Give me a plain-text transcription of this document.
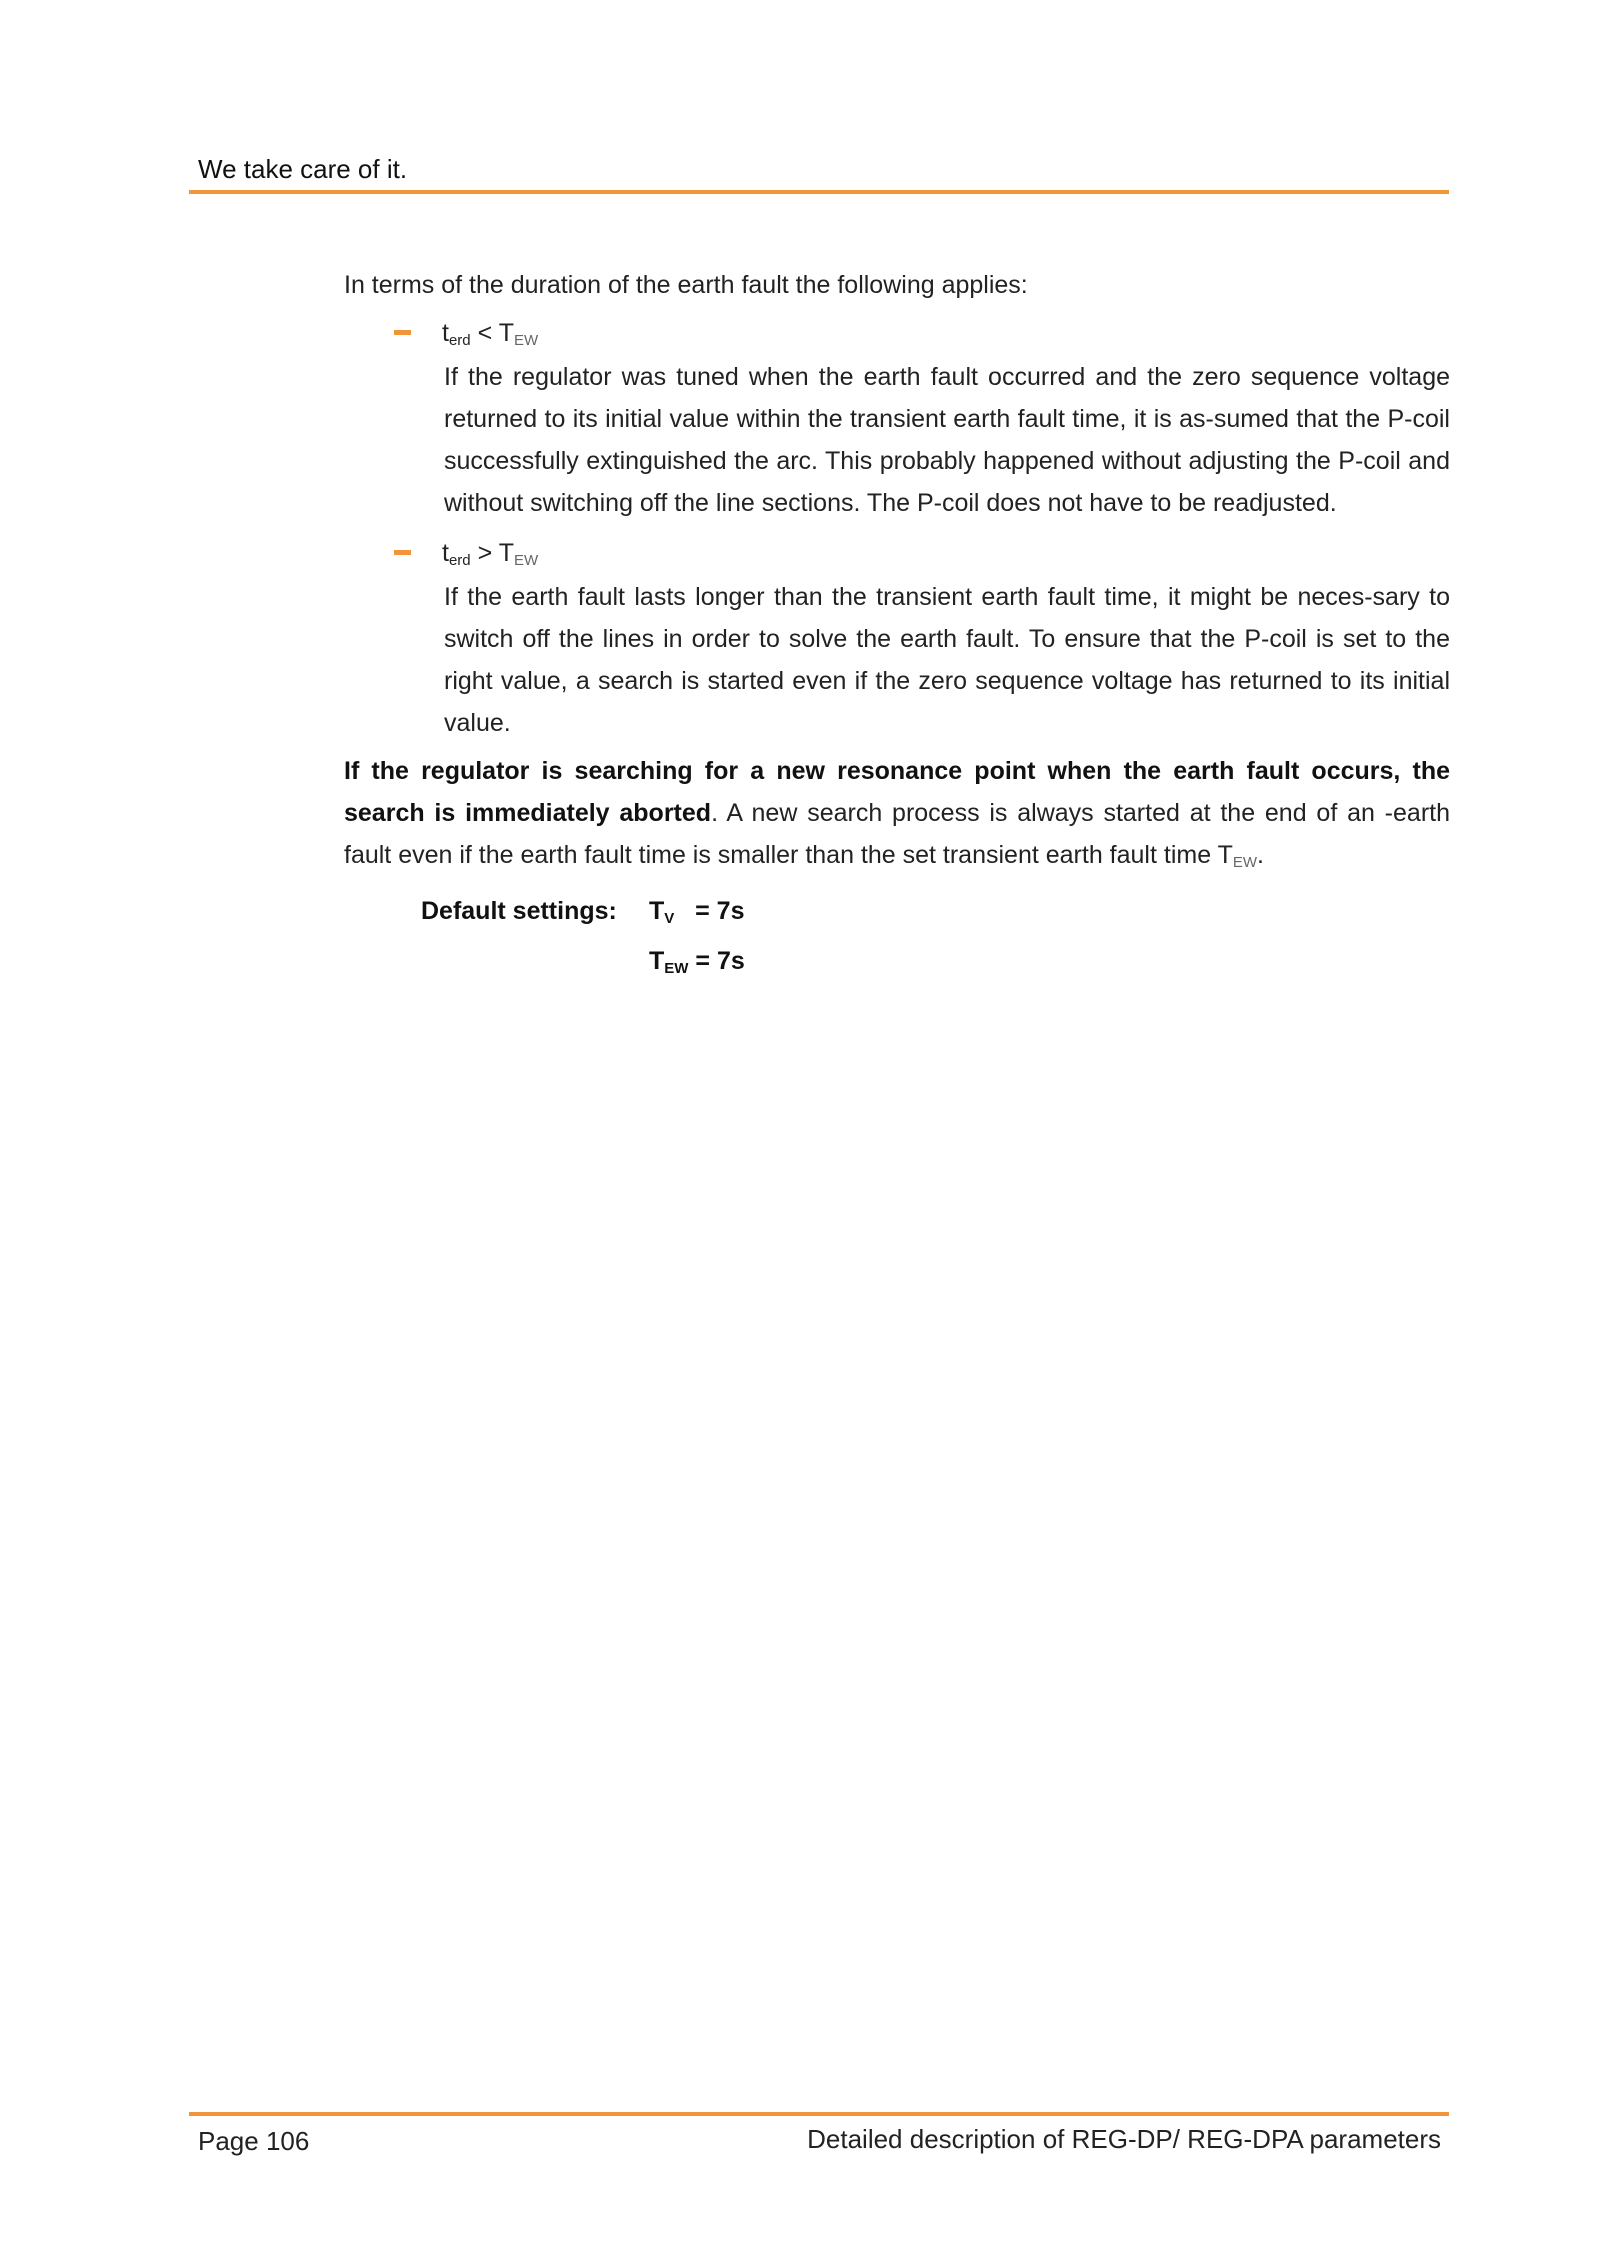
We take care of it.

In terms of the duration of the earth fault the following applies:

$t_{erd} < T_{EW}$

If the regulator was tuned when the earth fault occurred and the zero sequence voltage returned to its initial value within the transient earth fault time, it is as-sumed that the P-coil successfully extinguished the arc. This probably happened without adjusting the P-coil and without switching off the line sections. The P-coil does not have to be readjusted.

$t_{erd} > T_{EW}$

If the earth fault lasts longer than the transient earth fault time, it might be neces-sary to switch off the lines in order to solve the earth fault. To ensure that the P-coil is set to the right value, a search is started even if the zero sequence voltage has returned to its initial value.

If the regulator is searching for a new resonance point when the earth fault occurs, the search is immediately aborted. A new search process is always started at the end of an -earth fault even if the earth fault time is smaller than the set transient earth fault time $T_{EW}$.

Default settings: $T_V = 7s$
$T_{EW} = 7s$
Page 106	Detailed description of REG-DP/ REG-DPA parameters
